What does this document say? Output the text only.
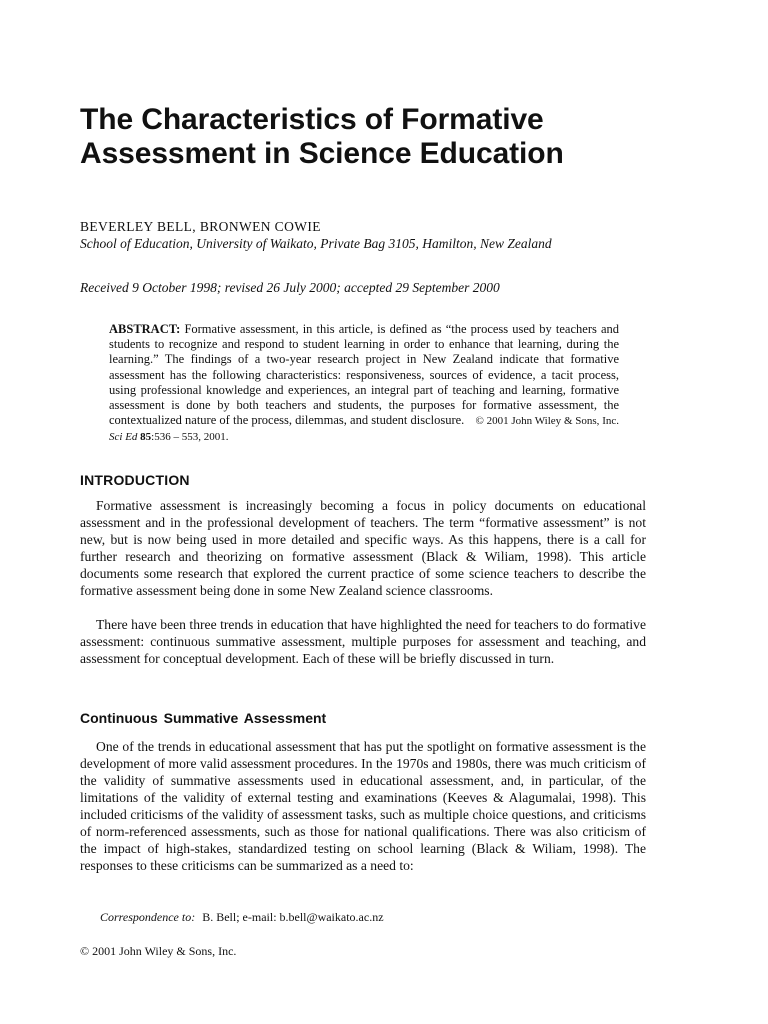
The Characteristics of Formative Assessment in Science Education
BEVERLEY BELL, BRONWEN COWIE
School of Education, University of Waikato, Private Bag 3105, Hamilton, New Zealand
Received 9 October 1998; revised 26 July 2000; accepted 29 September 2000
ABSTRACT: Formative assessment, in this article, is defined as “the process used by teachers and students to recognize and respond to student learning in order to enhance that learning, during the learning.” The findings of a two-year research project in New Zealand indicate that formative assessment has the following characteristics: responsiveness, sources of evidence, a tacit process, using professional knowledge and experiences, an integral part of teaching and learning, formative assessment is done by both teachers and students, the purposes for formative assessment, the contextualized nature of the process, dilemmas, and student disclosure. © 2001 John Wiley & Sons, Inc. Sci Ed 85:536 – 553, 2001.
INTRODUCTION

Formative assessment is increasingly becoming a focus in policy documents on educational assessment and in the professional development of teachers. The term “formative assessment” is not new, but is now being used in more detailed and specific ways. As this happens, there is a call for further research and theorizing on formative assessment (Black & Wiliam, 1998). This article documents some research that explored the current practice of some science teachers to describe the formative assessment being done in some New Zealand science classrooms.

There have been three trends in education that have highlighted the need for teachers to do formative assessment: continuous summative assessment, multiple purposes for assessment and teaching, and assessment for conceptual development. Each of these will be briefly discussed in turn.

Continuous Summative Assessment

One of the trends in educational assessment that has put the spotlight on formative assessment is the development of more valid assessment procedures. In the 1970s and 1980s, there was much criticism of the validity of summative assessments used in educational assessment, and, in particular, of the limitations of the validity of external testing and examinations (Keeves & Alagumalai, 1998). This included criticisms of the validity of assessment tasks, such as multiple choice questions, and criticisms of norm-referenced assessments, such as those for national qualifications. There was also criticism of the impact of high-stakes, standardized testing on school learning (Black & Wiliam, 1998). The responses to these criticisms can be summarized as a need to:

Correspondence to: B. Bell; e-mail: b.bell@waikato.ac.nz
© 2001 John Wiley & Sons, Inc.
